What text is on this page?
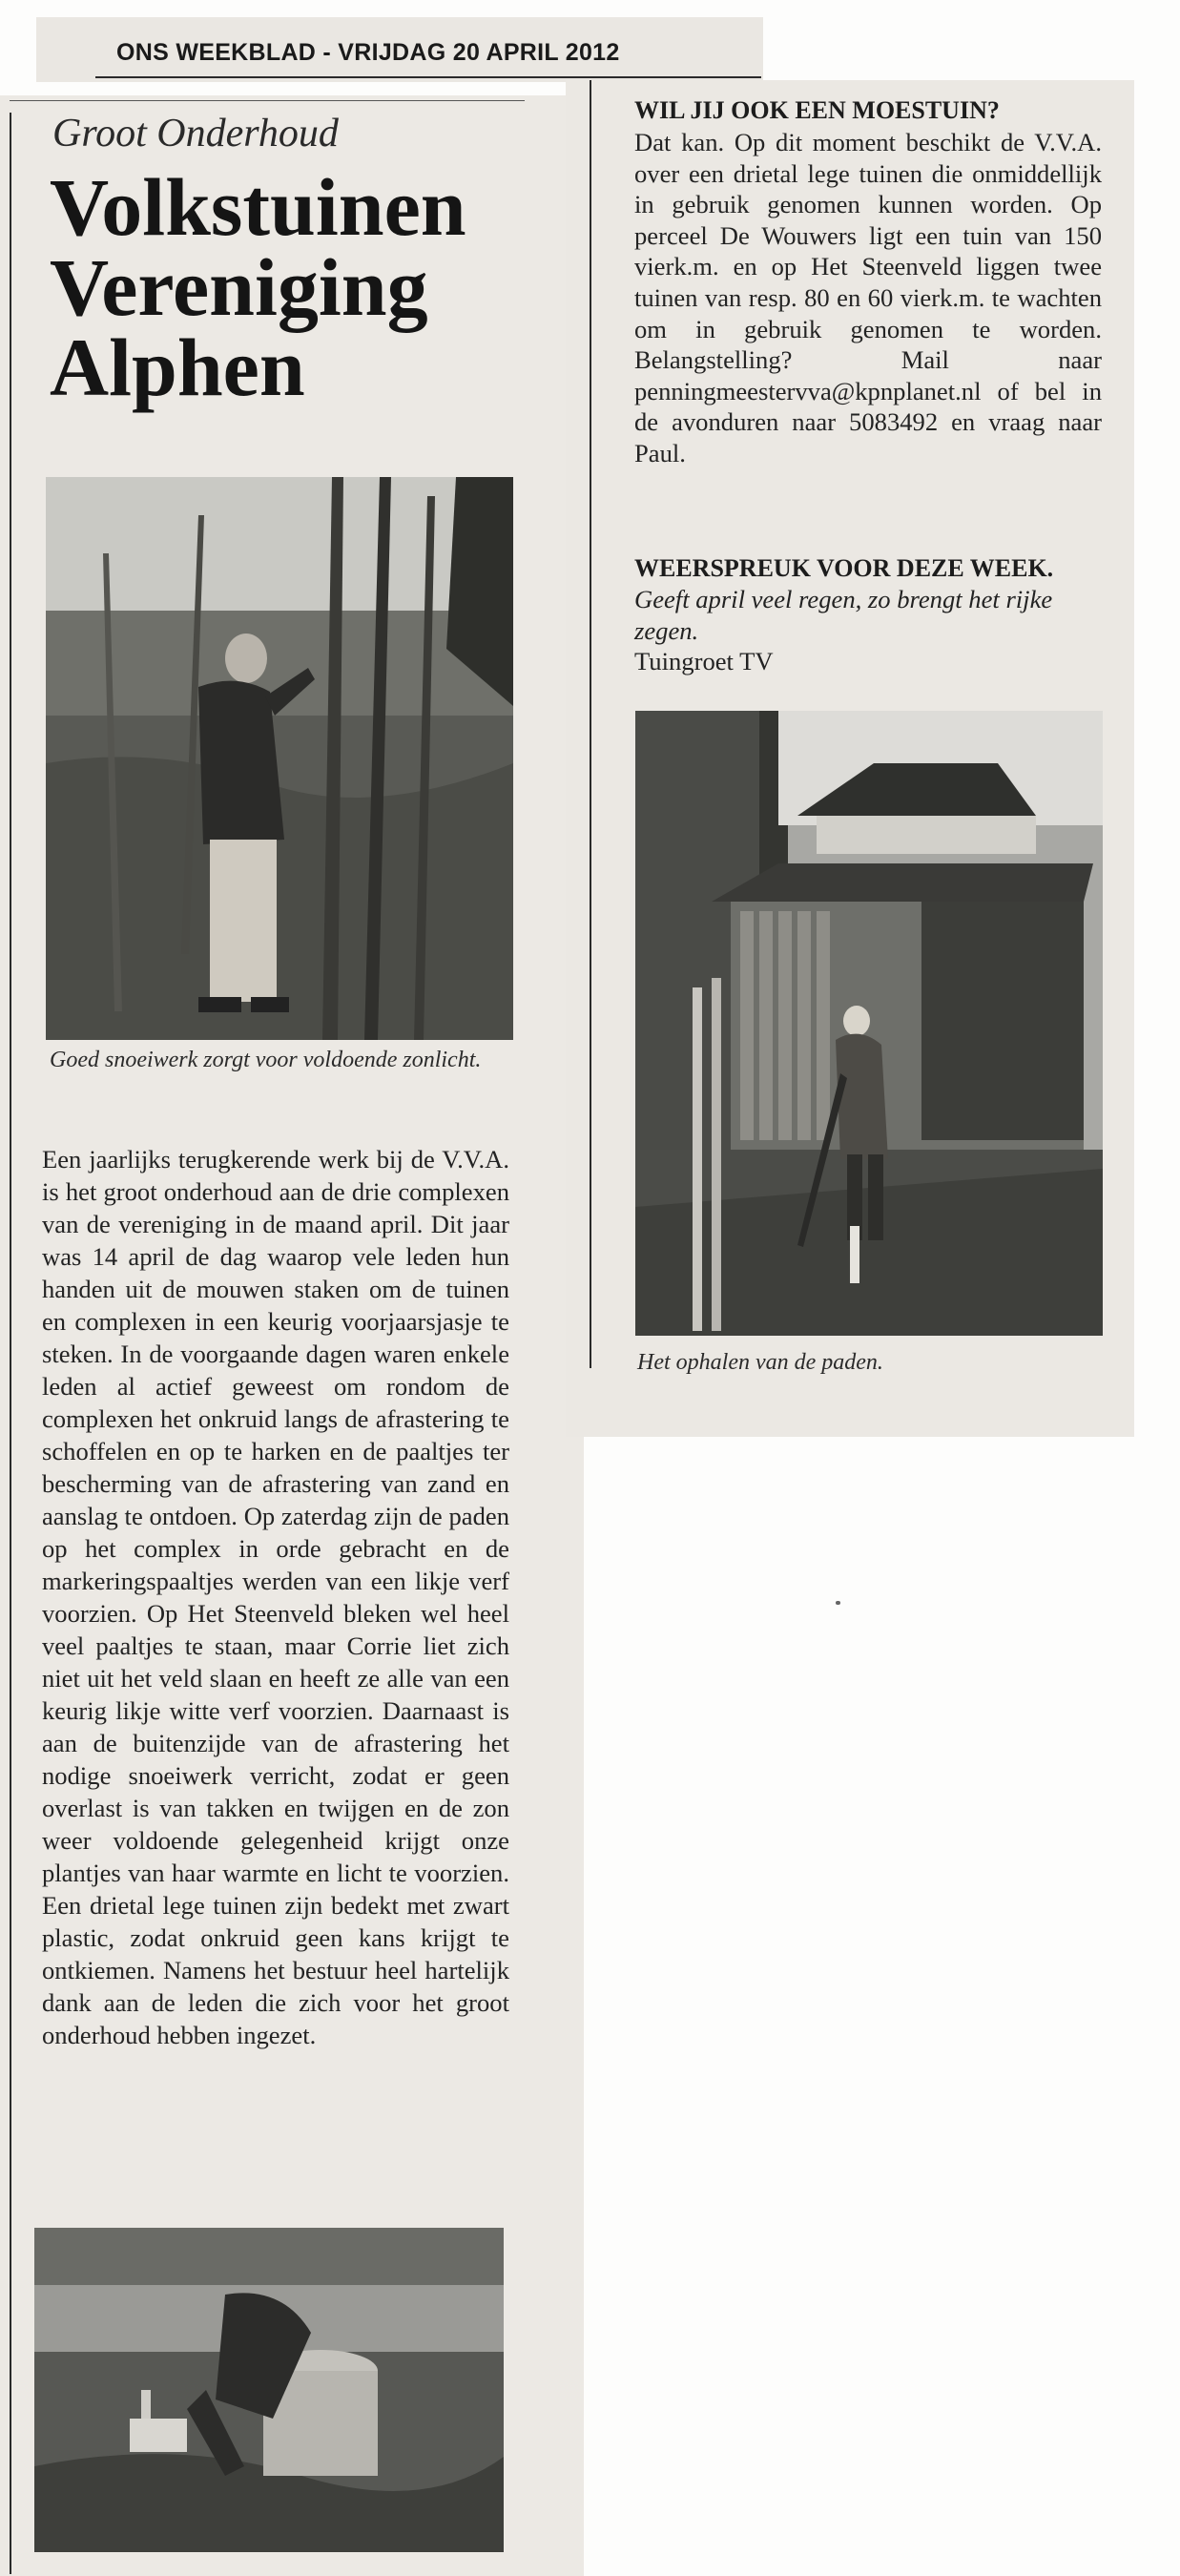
ONS WEEKBLAD - VRIJDAG 20 APRIL 2012

Groot Onderhoud
Volkstuinen
Vereniging
Alphen

Goed snoeiwerk zorgt voor voldoende zonlicht.

Een jaarlijks terugkerende werk bij de V.V.A. is het groot onderhoud aan de drie complexen van de vereniging in de maand april. Dit jaar was 14 april de dag waarop vele leden hun handen uit de mouwen staken om de tuinen en complexen in een keurig voorjaarsjasje te steken. In de voorgaande dagen waren enkele leden al actief geweest om rondom de complexen het onkruid langs de afrastering te schoffelen en op te harken en de paaltjes ter bescherming van de afrastering van zand en aanslag te ontdoen. Op zaterdag zijn de paden op het complex in orde gebracht en de markeringspaaltjes werden van een likje verf voorzien. Op Het Steenveld bleken wel heel veel paaltjes te staan, maar Corrie liet zich niet uit het veld slaan en heeft ze alle van een keurig likje witte verf voorzien. Daarnaast is aan de buitenzijde van de afrastering het nodige snoeiwerk verricht, zodat er geen overlast is van takken en twijgen en de zon weer voldoende gelegenheid krijgt onze plantjes van haar warmte en licht te voorzien. Een drietal lege tuinen zijn bedekt met zwart plastic, zodat onkruid geen kans krijgt te ontkiemen. Namens het bestuur heel hartelijk dank aan de leden die zich voor het groot onderhoud hebben ingezet.

WIL JIJ OOK EEN MOESTUIN?

Dat kan. Op dit moment beschikt de V.V.A. over een drietal lege tuinen die onmiddellijk in gebruik genomen kunnen worden. Op perceel De Wouwers ligt een tuin van 150 vierk.m. en op Het Steenveld liggen twee tuinen van resp. 80 en 60 vierk.m. te wachten om in gebruik genomen te worden. Belangstelling? Mail naar penningmeestervva@kpnplanet.nl of bel in de avonduren naar 5083492 en vraag naar Paul.

WEERSPREUK VOOR DEZE WEEK.

Geeft april veel regen, zo brengt het rijke zegen.

Tuingroet TV

Het ophalen van de paden.
